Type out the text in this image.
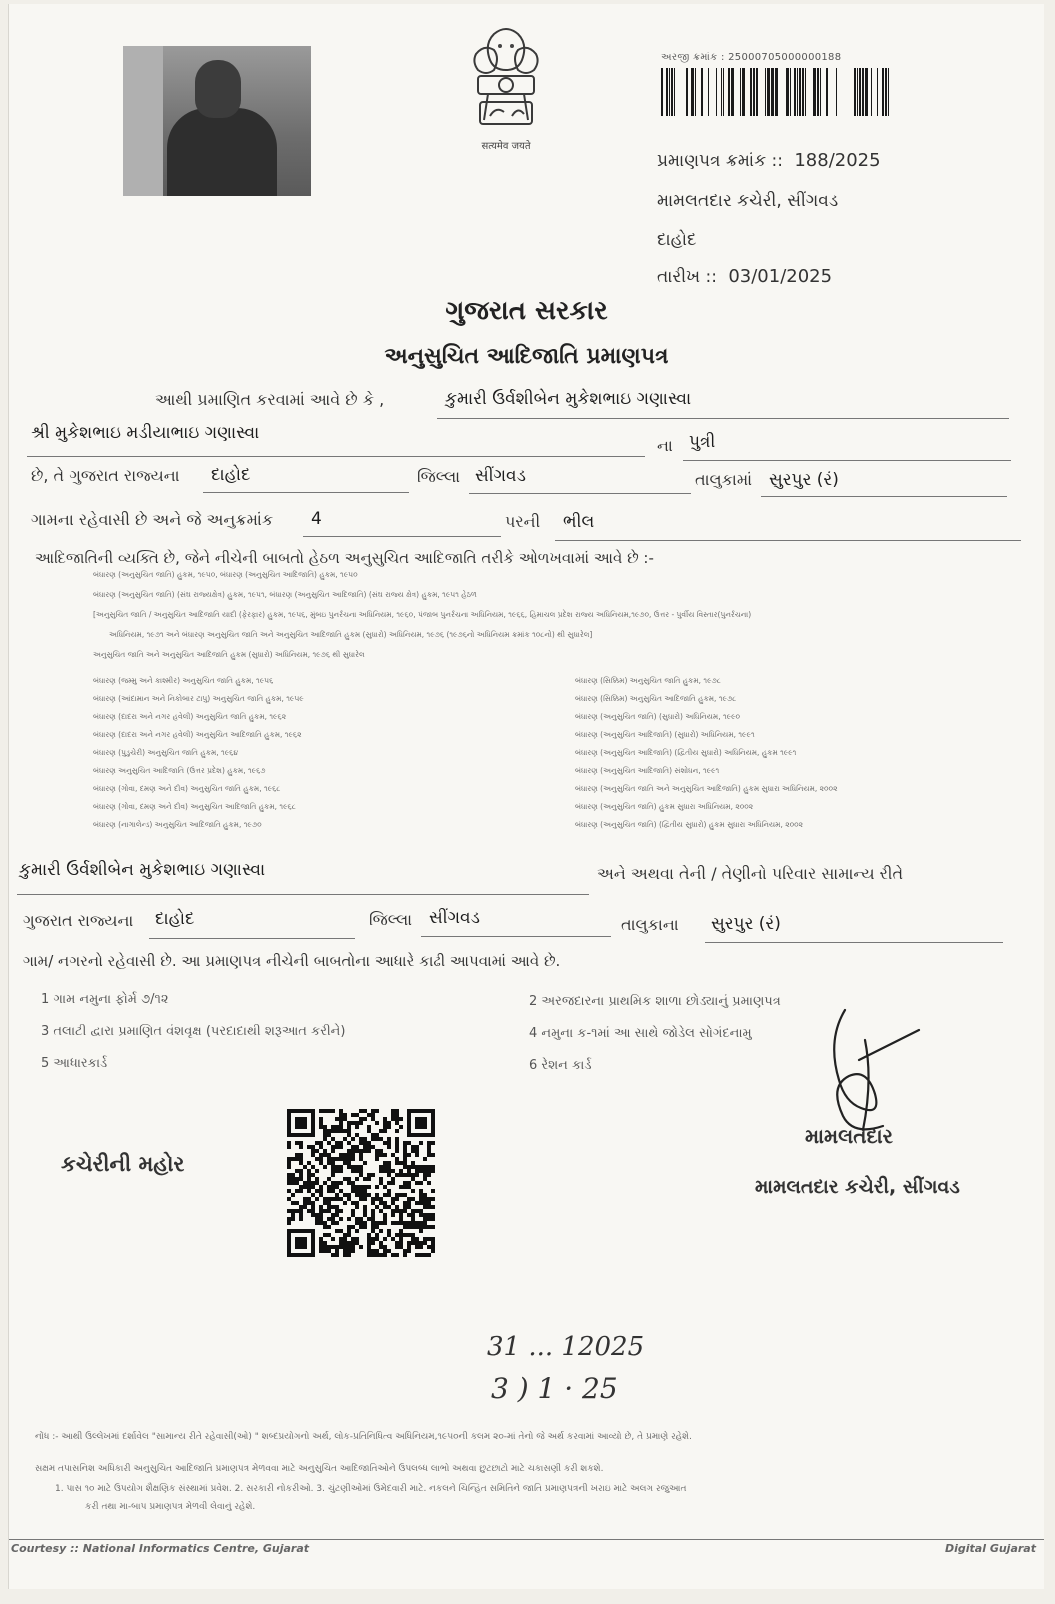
सत्यमेव जयते
અરજી ક્રમાંક : 25000705000000188
પ્રમાણપત્ર ક્રમાંક :: 188/2025
મામલતદાર કચેરી, સીંગવડ
દાહોદ
તારીખ :: 03/01/2025
ગુજરાત સરકાર
અનુસુચિત આદિજાતિ પ્રમાણપત્ર
આથી પ્રમાણિત કરવામાં આવે છે કે ,	કુમારી ઉર્વશીબેન મુકેશભાઇ ગણાસ્વા
શ્રી મુકેશભાઇ મડીયાભાઇ ગણાસ્વા
ના પુત્રી
છે, તે ગુજરાત રાજ્યના દાહોદ	જિલ્લા સીંગવડ	તાલુકામાં સુરપુર (રં)
ગામના રહેવાસી છે અને જે અનુક્રમાંક 4	પરની ભીલ
આદિજાતિની વ્યક્તિ છે, જેને નીચેની બાબતો હેઠળ અનુસુચિત આદિજાતિ તરીકે ઓળખવામાં આવે છે :-
બંધારણ (અનુસુચિત જાતિ) હુકમ, ૧૯૫૦, બંધારણ (અનુસુચિત આદિજાતિ) હુકમ, ૧૯૫૦
બંધારણ (અનુસુચિત જાતિ) (સંઘ રાજ્યક્ષેત્ર) હુકમ, ૧૯૫૧, બંધારણ (અનુસુચિત આદિજાતિ) (સંઘ રાજ્ય ક્ષેત્ર) હુકમ, ૧૯૫૧ હેઠળ
[અનુસુચિત જાતિ / અનુસુચિત આદિજાતિ યાદી (ફેરફાર) હુકમ, ૧૯૫૬, મુંબઇ પુનર્રચના અધિનિયમ, ૧૯૬૦, પંજાબ પુનર્રચના અધિનિયમ, ૧૯૬૬, હિમાચલ પ્રદેશ રાજ્ય અધિનિયમ,૧૯૭૦, ઉત્તર - પુર્વીય વિસ્તાર(પુનર્રચના)
અધિનિયમ, ૧૯૭૧ અને બંધારણ અનુસુચિત જાતિ અને અનુસુચિત આદિજાતિ હુકમ (સુધારો) અધિનિયમ, ૧૯૭૬ (૧૯૭૬નો અધિનિયમ ક્રમાંક ૧૦૮નો) થી સુધારેલ]
અનુસુચિત જાતિ અને અનુસુચિત આદિજાતિ હુકમ (સુધારો) અધિનિયમ, ૧૯૭૬ થી સુધારેલ
બંધારણ (જમ્મુ અને કાશ્મીર) અનુસુચિત જાતિ હુકમ, ૧૯૫૬
બંધારણ (આંદામાન અને નિકોબાર ટાપુ) અનુસુચિત જાતિ હુકમ, ૧૯૫૯
બંધારણ (દાદરા અને નગર હવેલી) અનુસુચિત જાતિ હુકમ, ૧૯૬૨
બંધારણ (દાદરા અને નગર હવેલી) અનુસુચિત આદિજાતિ હુકમ, ૧૯૬૨
બંધારણ (પુડુચેરી) અનુસુચિત જાતિ હુકમ, ૧૯૬૪
બંધારણ અનુસુચિત આદિજાતિ (ઉત્તર પ્રદેશ) હુકમ, ૧૯૬૭
બંધારણ (ગોવા, દમણ અને દીવ) અનુસુચિત જાતિ હુકમ, ૧૯૬૮
બંધારણ (ગોવા, દમણ અને દીવ) અનુસુચિત આદિજાતિ હુકમ, ૧૯૬૮
બંધારણ (નાગાલેન્ડ) અનુસુચિત આદિજાતિ હુકમ, ૧૯૭૦
બંધારણ (સિક્કિમ) અનુસુચિત જાતિ હુકમ, ૧૯૭૮
બંધારણ (સિક્કિમ) અનુસુચિત આદિજાતિ હુકમ, ૧૯૭૮
બંધારણ (અનુસુચિત જાતિ) (સુધારો) અધિનિયમ, ૧૯૯૦
બંધારણ (અનુસુચિત આદિજાતિ) (સુધારો) અધિનિયમ, ૧૯૯૧
બંધારણ (અનુસુચિત આદિજાતિ) (દ્વિતીય સુધારો) અધિનિયમ, હુકમ ૧૯૯૧
બંધારણ (અનુસુચિત આદિજાતિ) સંશોધન, ૧૯૯૧
બંધારણ (અનુસુચિત જાતિ અને અનુસુચિત આદિજાતિ) હુકમ સુધારા અધિનિયમ, ૨૦૦૨
બંધારણ (અનુસુચિત જાતિ) હુકમ સુધારા અધિનિયમ, ૨૦૦૨
બંધારણ (અનુસુચિત જાતિ) (દ્વિતીય સુધારો) હુકમ સુધારા અધિનિયમ, ૨૦૦૨
કુમારી ઉર્વશીબેન મુકેશભાઇ ગણાસ્વા	અને અથવા તેની / તેણીનો પરિવાર સામાન્ય રીતે
ગુજરાત રાજ્યના દાહોદ	જિલ્લા સીંગવડ	તાલુકાના સુરપુર (રં)
ગામ/ નગરનો રહેવાસી છે. આ પ્રમાણપત્ર નીચેની બાબતોના આધારે કાઢી આપવામાં આવે છે.
1 ગામ નમુના ફોર્મ ૭/૧૨	2 અરજદારના પ્રાથમિક શાળા છોડ્યાનું પ્રમાણપત્ર
3 તલાટી દ્વારા પ્રમાણિત વંશવૃક્ષ (પરદાદાથી શરૂઆત કરીને)	4 નમુના ક-૧માં આ સાથે જોડેલ સોગંદનામુ
5 આધારકાર્ડ	6 રેશન કાર્ડ
કચેરીની મહોર
મામલતદાર
મામલતદાર કચેરી, સીંગવડ
31 ... 12025
3 ) 1 · 25
નોંધ :- આથી ઉલ્લેખમાં દર્શાવેલ "સામાન્ય રીતે રહેવાસી(ઓ) " શબ્દપ્રયોગનો અર્થ, લોક-પ્રતિનિધિત્વ અધિનિયમ,૧૯૫૦ની કલમ ૨૦-માં તેનો જે અર્થ કરવામાં આવ્યો છે, તે પ્રમાણે રહેશે.
સક્ષમ તપાસનિશ અધિકારી અનુસુચિત આદિજાતિ પ્રમાણપત્ર મેળવવા માટે અનુસુચિત આદિજાતિઓને ઉપલબ્ધ લાભો અથવા છુટછાટો માટે ચકાસણી કરી શકશે.
1. પાસ ૧૦ માટે ઉપયોગ શૈક્ષણિક સંસ્થામાં પ્રવેશ. 2. સરકારી નોકરીઓ. 3. ચુંટણીઓમાં ઉમેદવારી માટે. નકલને ચિન્હિત સમિતિને જાતિ પ્રમાણપત્રની ખરાઇ માટે અલગ રજુઆત
કરી તથા મા-બાપ પ્રમાણપત્ર મેળવી લેવાનું રહેશે.
Courtesy :: National Informatics Centre, Gujarat	Digital Gujarat
